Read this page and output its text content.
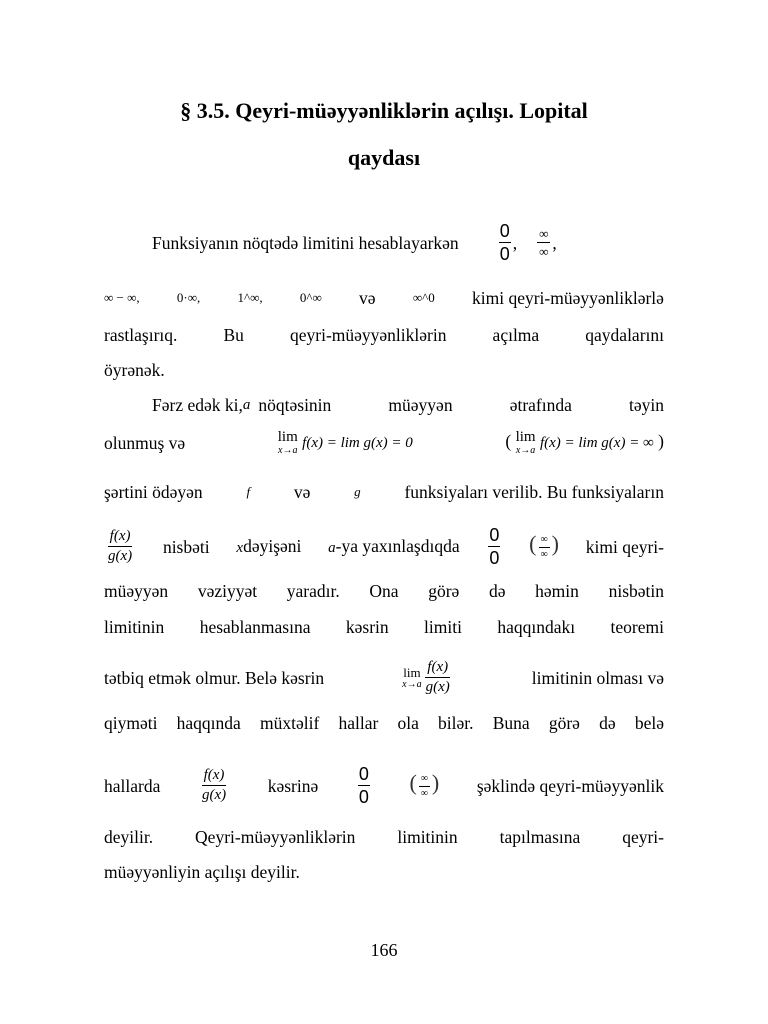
§ 3.5. Qeyri-müəyyənliklərin açılışı. Lopital
qaydası
Funksiyanın nöqtədə limitini hesablayarkən $\frac{0}{0}$ , $\frac{\infty}{\infty}$ ,
∞ − ∞,	0·∞,	1^∞,	0^∞ və	∞^0 kimi qeyri-müəyyənliklərlə
rastlaşırıq. Bu qeyri-müəyyənliklərin açılma qaydalarını
öyrənək.
Fərz edək ki, a nöqtəsinin müəyyən ətrafında təyin
olunmuş və	lim
x→a f(x) = lim g(x) = 0	( lim
x→a f(x) = lim g(x) = ∞ )
şərtini ödəyən	f	və	g	funksiyaları verilib. Bu funksiyaların
$\frac{f(x)}{g(x)}$ nisbəti xdəyişəni a-ya yaxınlaşdıqda $\frac{0}{0}$ ( $\frac{\infty}{\infty}$ ) kimi qeyri-
müəyyən vəziyyət yaradır. Ona görə də həmin nisbətin
limitinin hesablanmasına kəsrin limiti haqqındakı teoremi
tətbiq etmək olmur. Belə kəsrin	lim
$x\to a \frac{f(x)}{g(x)}$	limitinin olması və
qiyməti haqqında müxtəlif hallar ola bilər. Buna görə də belə
hallarda	$\frac{f(x)}{g(x)}$ kəsrinə $\frac{0}{0}$ ( $\frac{\infty}{\infty}$ ) şəklində qeyri-müəyyənlik
deyilir. Qeyri-müəyyənliklərin limitinin tapılmasına qeyri-
müəyyənliyin açılışı deyilir.
166
